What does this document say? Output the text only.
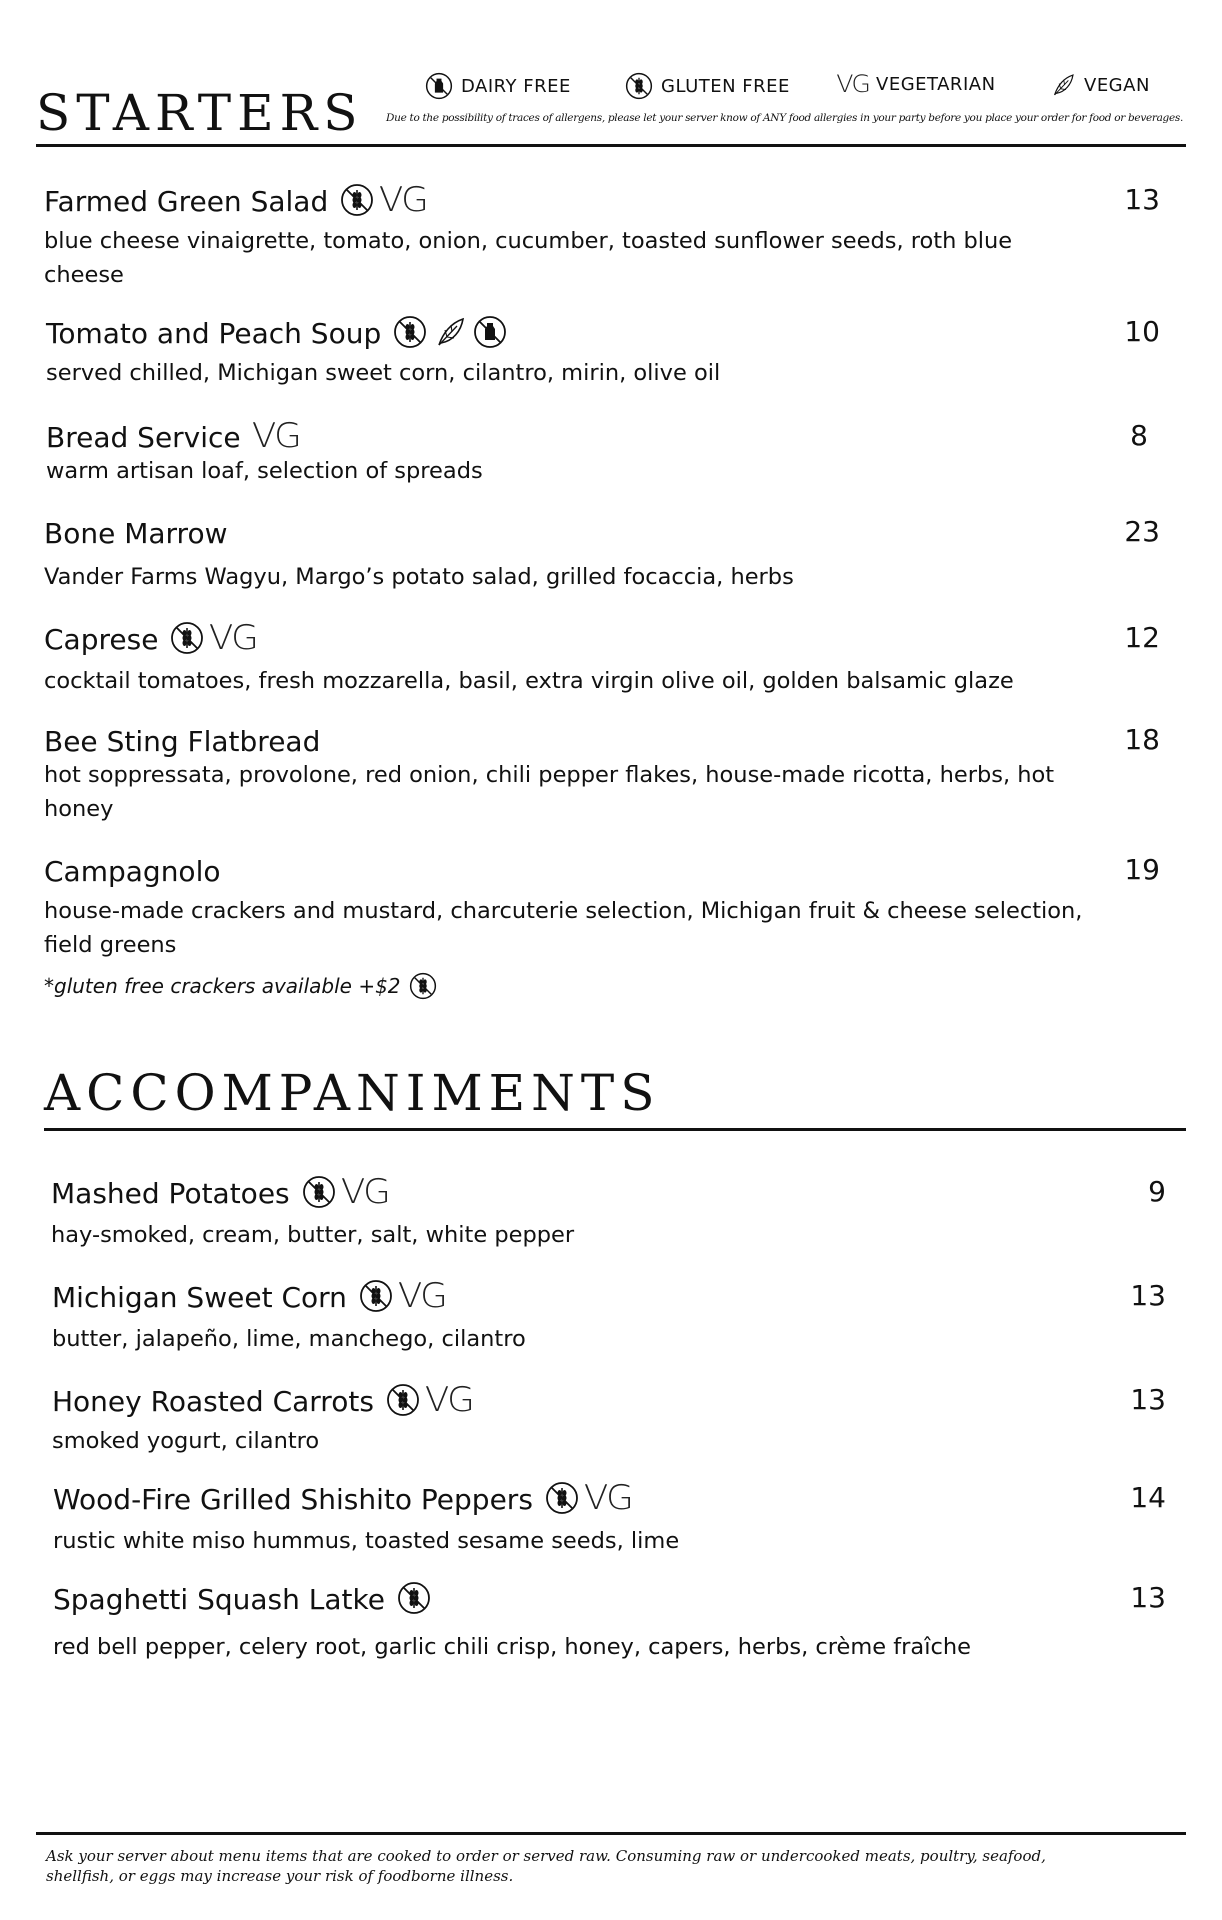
STARTERS	DAIRY FREE	GLUTEN FREE VG VEGETARIAN	VEGAN
Due to the possibility of traces of allergens, please let your server know of ANY food allergies in your party before you place your order for food or beverages.
Farmed Green Salad VG	13
blue cheese vinaigrette, tomato, onion, cucumber, toasted sunflower seeds, roth blue cheese
Tomato and Peach Soup	10
served chilled, Michigan sweet corn, cilantro, mirin, olive oil
Bread Service VG	8
warm artisan loaf, selection of spreads
Bone Marrow	23
Vander Farms Wagyu, Margo’s potato salad, grilled focaccia, herbs
Caprese VG	12
cocktail tomatoes, fresh mozzarella, basil, extra virgin olive oil, golden balsamic glaze
Bee Sting Flatbread	18
hot soppressata, provolone, red onion, chili pepper flakes, house-made ricotta, herbs, hot honey
Campagnolo	19
house-made crackers and mustard, charcuterie selection, Michigan fruit & cheese selection, field greens
*gluten free crackers available +$2
ACCOMPANIMENTS
Mashed Potatoes VG	9
hay-smoked, cream, butter, salt, white pepper
Michigan Sweet Corn VG	13
butter, jalapeño, lime, manchego, cilantro
Honey Roasted Carrots VG	13
smoked yogurt, cilantro
Wood-Fire Grilled Shishito Peppers VG	14
rustic white miso hummus, toasted sesame seeds, lime
Spaghetti Squash Latke	13
red bell pepper, celery root, garlic chili crisp, honey, capers, herbs, crème fraîche
Ask your server about menu items that are cooked to order or served raw. Consuming raw or undercooked meats, poultry, seafood, shellfish, or eggs may increase your risk of foodborne illness.
